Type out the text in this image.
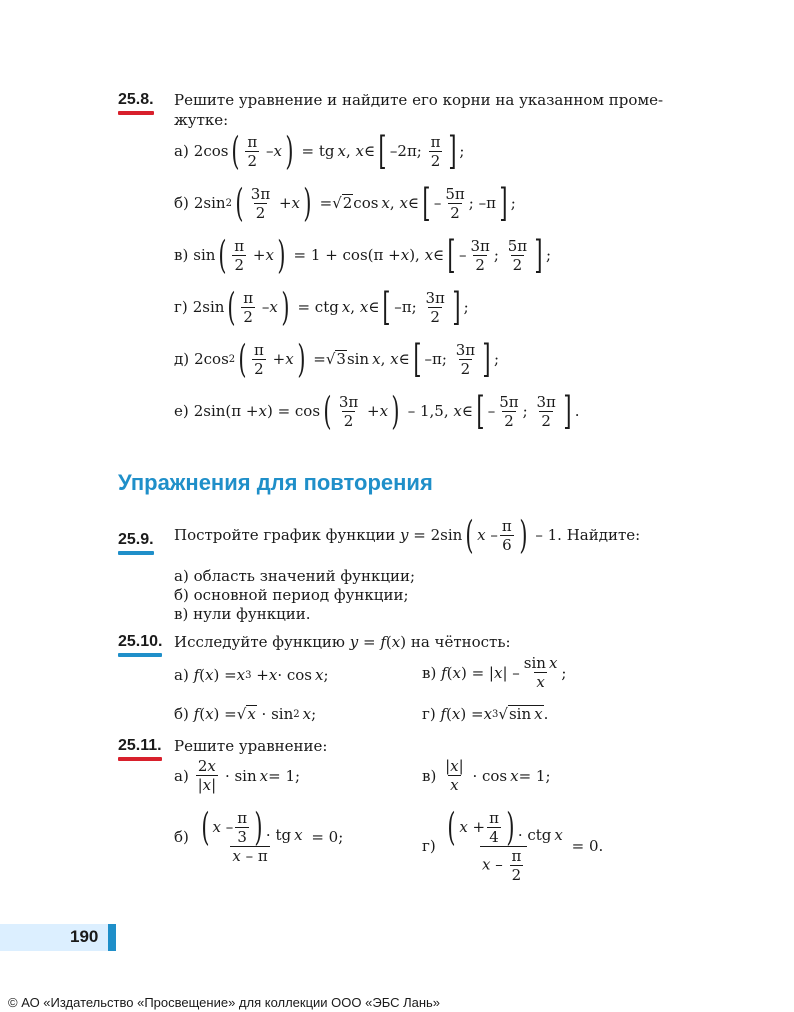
25.8. Решите уравнение и найдите его корни на указанном проме-
жутке:
а) 2cos
( π
2
– x
) = tg  x , x ∈ [ –2π;
π
2
]
;
б) 2sin 2
( 3π
2
+ x
) = √ 2 cos  x , x ∈ [ –
5π
2
; –π ] ;
в) sin
( π
2
+ x
) = 1 + cos(π + x ), x ∈ [ –
3π
2
;
5π
2
]
;
г) 2sin
( π
2
– x
) = ctg  x , x ∈ [ –π;
3π
2
]
;
д) 2cos 2
( π
2
+ x
) = √ 3 sin  x , x ∈ [ –π;
3π
2
]
;
е) 2sin(π + x ) = cos
( 3π
2
+ x
) – 1,5, x ∈ [ –
5π
2
;
3π
2
]
.
Упражнения для повторения
25.9. Постройте график функции
y = 2sin ( x –
π
6
)

– 1. Найдите:
а) область значений функции;
б) основной период функции;
в) нули функции.
25.10. Исследуйте функцию y = f(x) на чётность:
а) f ( x ) = x 3 + x · cos  x ;	в) f ( x ) = | x | –
sin x
x
;
б) f ( x ) = √ x · sin 2
  x ;	г) f ( x ) = x 3 √ sin x .
25.11. Решите уравнение:
а)
2x
|x|
· sin  x = 1;	в)
|x|
x
· cos  x = 1;
б)
( x –
π
3
) · tg x
x – π
= 0;
г)
( x +
π
4
) · ctg x
x – $\frac{\pi}{2}$
= 0.
190
© АО «Издательство «Просвещение» для коллекции ООО «ЭБС Лань»
